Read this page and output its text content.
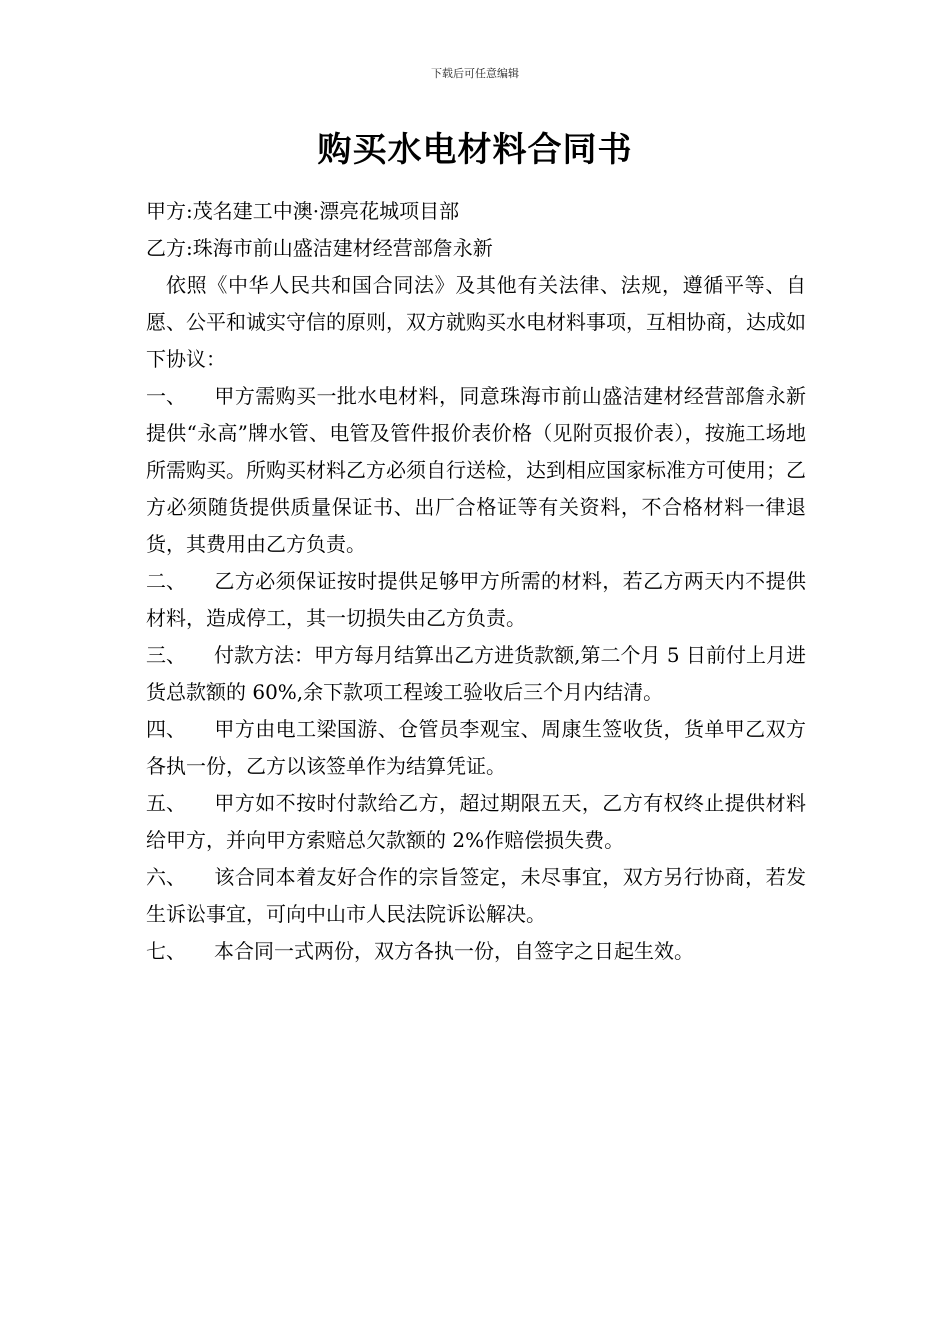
下载后可任意编辑
购买水电材料合同书

甲方:茂名建工中澳·漂亮花城项目部

乙方:珠海市前山盛洁建材经营部詹永新

依照《中华人民共和国合同法》及其他有关法律、法规，遵循平等、自愿、公平和诚实守信的原则，双方就购买水电材料事项，互相协商，达成如下协议：

一、 甲方需购买一批水电材料，同意珠海市前山盛洁建材经营部詹永新提供“永高”牌水管、电管及管件报价表价格（见附页报价表），按施工场地所需购买。所购买材料乙方必须自行送检，达到相应国家标准方可使用；乙方必须随货提供质量保证书、出厂合格证等有关资料，不合格材料一律退货，其费用由乙方负责。

二、 乙方必须保证按时提供足够甲方所需的材料，若乙方两天内不提供材料，造成停工，其一切损失由乙方负责。

三、 付款方法：甲方每月结算出乙方进货款额,第二个月 5 日前付上月进货总款额的 60%,余下款项工程竣工验收后三个月内结清。

四、 甲方由电工梁国游、仓管员李观宝、周康生签收货，货单甲乙双方各执一份，乙方以该签单作为结算凭证。

五、 甲方如不按时付款给乙方，超过期限五天，乙方有权终止提供材料给甲方，并向甲方索赔总欠款额的 2%作赔偿损失费。

六、 该合同本着友好合作的宗旨签定，未尽事宜，双方另行协商，若发生诉讼事宜，可向中山市人民法院诉讼解决。

七、 本合同一式两份，双方各执一份，自签字之日起生效。
